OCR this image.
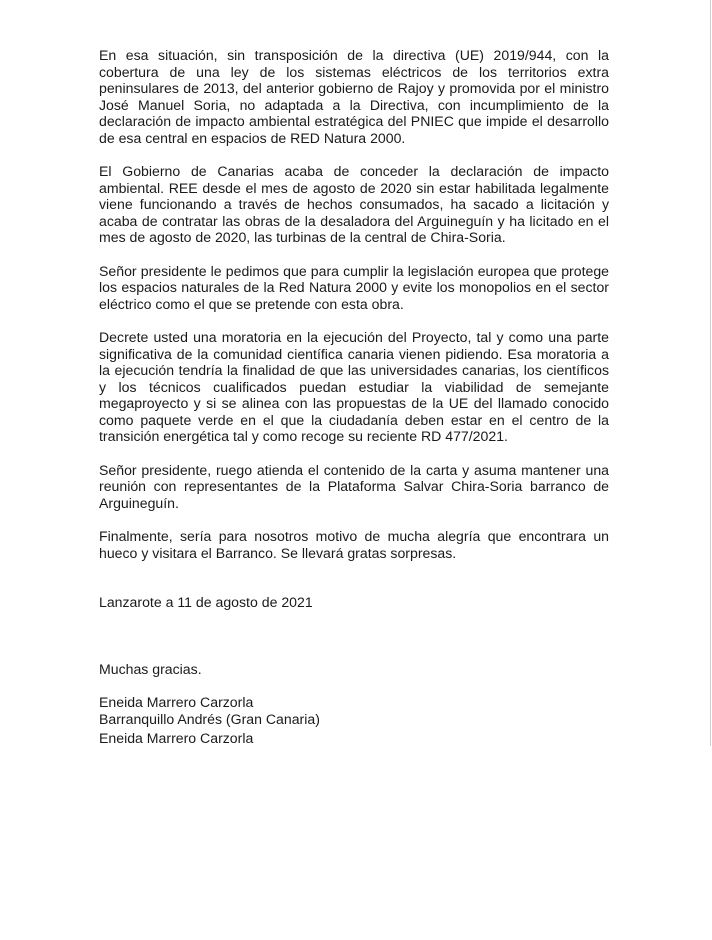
En esa situación, sin transposición de la directiva (UE) 2019/944, con la cobertura de una ley de los sistemas eléctricos de los territorios extra peninsulares de 2013, del anterior gobierno de Rajoy y promovida por el ministro José Manuel Soria, no adaptada a la Directiva, con incumplimiento de la declaración de impacto ambiental estratégica del PNIEC que impide el desarrollo de esa central en espacios de RED Natura 2000.

El Gobierno de Canarias acaba de conceder la declaración de impacto ambiental. REE desde el mes de agosto de 2020 sin estar habilitada legalmente viene funcionando a través de hechos consumados, ha sacado a licitación y acaba de contratar las obras de la desaladora del Arguineguín y ha licitado en el mes de agosto de 2020, las turbinas de la central de Chira-Soria.

Señor presidente le pedimos que para cumplir la legislación europea que protege los espacios naturales de la Red Natura 2000 y evite los monopolios en el sector eléctrico como el que se pretende con esta obra.

Decrete usted una moratoria en la ejecución del Proyecto, tal y como una parte significativa de la comunidad científica canaria vienen pidiendo. Esa moratoria a la ejecución tendría la finalidad de que las universidades canarias, los científicos y los técnicos cualificados puedan estudiar la viabilidad de semejante megaproyecto y si se alinea con las propuestas de la UE del llamado conocido como paquete verde en el que la ciudadanía deben estar en el centro de la transición energética tal y como recoge su reciente RD 477/2021.

Señor presidente, ruego atienda el contenido de la carta y asuma mantener una reunión con representantes de la Plataforma Salvar Chira-Soria barranco de Arguineguín.

Finalmente, sería para nosotros motivo de mucha alegría que encontrara un hueco y visitara el Barranco. Se llevará gratas sorpresas.

Lanzarote a 11 de agosto de 2021

Muchas gracias.

Eneida Marrero Carzorla

Barranquillo Andrés (Gran Canaria)

Eneida Marrero Carzorla
